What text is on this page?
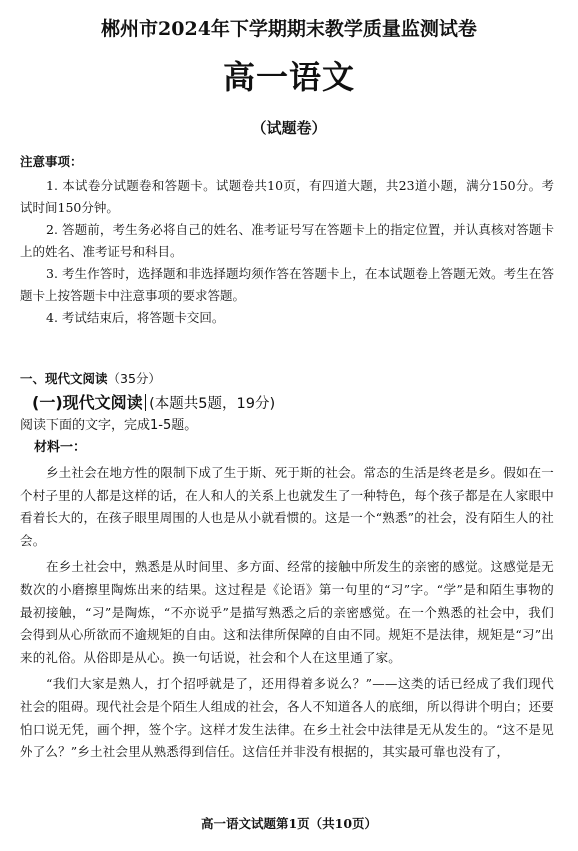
郴州市2024年下学期期末教学质量监测试卷
高一语文
（试题卷）
注意事项：

1. 本试卷分试题卷和答题卡。试题卷共10页，有四道大题，共23道小题，满分150分。考试时间150分钟。

2. 答题前，考生务必将自己的姓名、准考证号写在答题卡上的指定位置，并认真核对答题卡上的姓名、准考证号和科目。

3. 考生作答时，选择题和非选择题均须作答在答题卡上，在本试题卷上答题无效。考生在答题卡上按答题卡中注意事项的要求答题。

4. 考试结束后，将答题卡交回。

一、现代文阅读（35分）
(一)现代文阅读 (本题共5题，19分)
阅读下面的文字，完成1-5题。
材料一：

乡土社会在地方性的限制下成了生于斯、死于斯的社会。常态的生活是终老是乡。假如在一个村子里的人都是这样的话，在人和人的关系上也就发生了一种特色，每个孩子都是在人家眼中看着长大的，在孩子眼里周围的人也是从小就看惯的。这是一个“熟悉”的社会，没有陌生人的社会。

在乡土社会中，熟悉是从时间里、多方面、经常的接触中所发生的亲密的感觉。这感觉是无数次的小磨擦里陶炼出来的结果。这过程是《论语》第一句里的“习”字。“学”是和陌生事物的最初接触，“习”是陶炼，“不亦说乎”是描写熟悉之后的亲密感觉。在一个熟悉的社会中，我们会得到从心所欲而不逾规矩的自由。这和法律所保障的自由不同。规矩不是法律，规矩是“习”出来的礼俗。从俗即是从心。换一句话说，社会和个人在这里通了家。

“我们大家是熟人，打个招呼就是了，还用得着多说么？”——这类的话已经成了我们现代社会的阻碍。现代社会是个陌生人组成的社会，各人不知道各人的底细，所以得讲个明白；还要怕口说无凭，画个押，签个字。这样才发生法律。在乡土社会中法律是无从发生的。“这不是见外了么？”乡土社会里从熟悉得到信任。这信任并非没有根据的，其实最可靠也没有了，

高一语文试题第1页（共10页）
